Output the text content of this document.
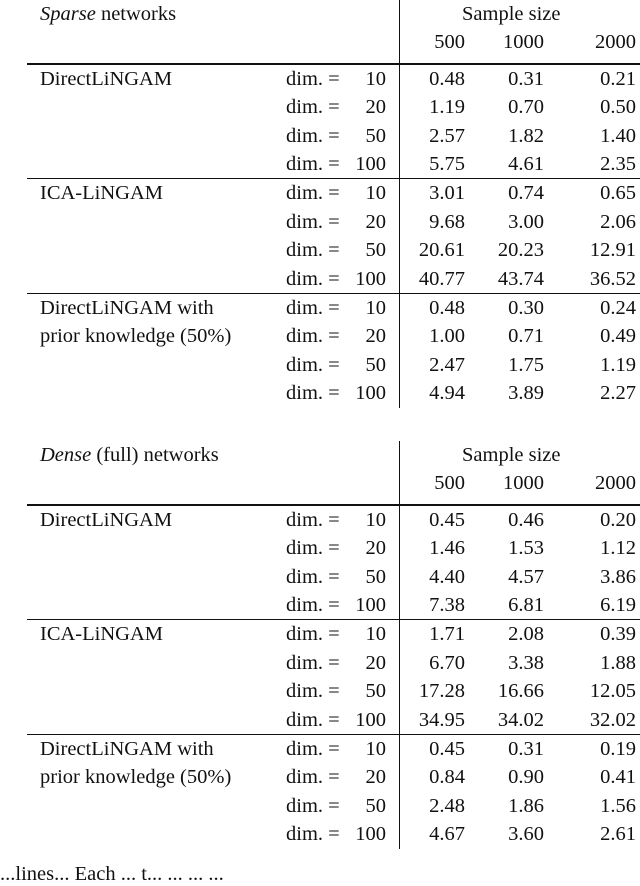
Sparse networks	Sample size
500	1000	2000
DirectLiNGAM	dim. = 10	0.48	0.31	0.21
dim. = 20	1.19	0.70	0.50
dim. = 50	2.57	1.82	1.40
dim. = 100	5.75	4.61	2.35
ICA-LiNGAM	dim. = 10	3.01	0.74	0.65
dim. = 20	9.68	3.00	2.06
dim. = 50	20.61	20.23	12.91
dim. = 100	40.77	43.74	36.52
DirectLiNGAM with	dim. = 10	0.48	0.30	0.24
prior knowledge (50%)	dim. = 20	1.00	0.71	0.49
dim. = 50	2.47	1.75	1.19
dim. = 100	4.94	3.89	2.27
Dense (full) networks	Sample size
500	1000	2000
DirectLiNGAM	dim. = 10	0.45	0.46	0.20
dim. = 20	1.46	1.53	1.12
dim. = 50	4.40	4.57	3.86
dim. = 100	7.38	6.81	6.19
ICA-LiNGAM	dim. = 10	1.71	2.08	0.39
dim. = 20	6.70	3.38	1.88
dim. = 50	17.28	16.66	12.05
dim. = 100	34.95	34.02	32.02
DirectLiNGAM with	dim. = 10	0.45	0.31	0.19
prior knowledge (50%)	dim. = 20	0.84	0.90	0.41
dim. = 50	2.48	1.86	1.56
dim. = 100	4.67	3.60	2.61
...lines... Each ... t... ... ... ...
